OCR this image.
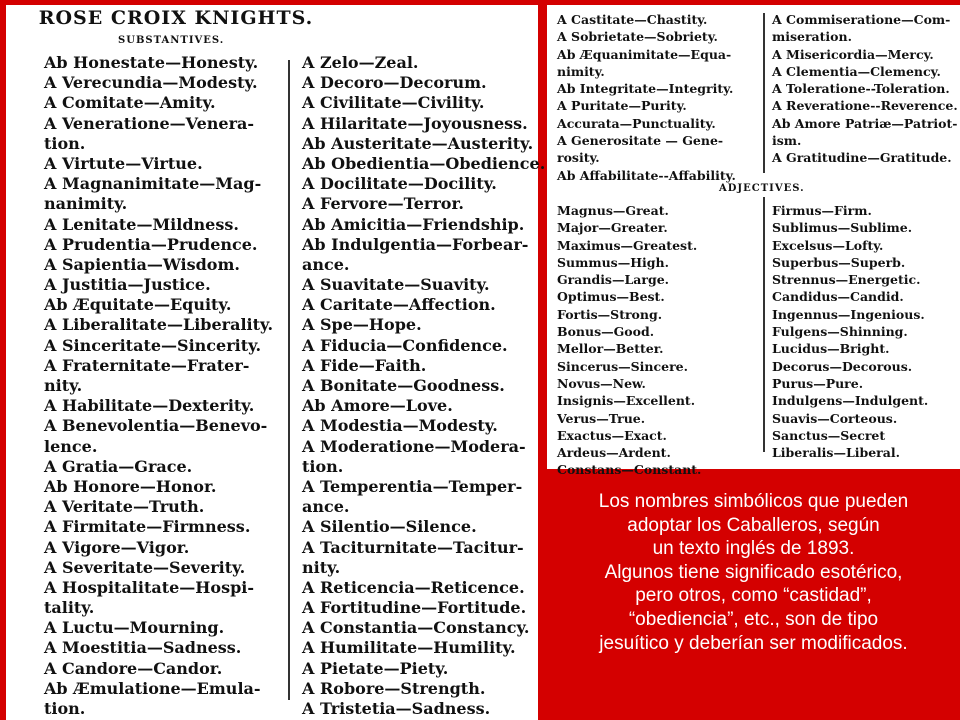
ROSE CROIX KNIGHTS.
SUBSTANTIVES.
Ab Honestate—Honesty.
A Verecundia—Modesty.
A Comitate—Amity.
A Veneratione—Venera-
tion.
A Virtute—Virtue.
A Magnanimitate—Mag-
nanimity.
A Lenitate—Mildness.
A Prudentia—Prudence.
A Sapientia—Wisdom.
A Justitia—Justice.
Ab Æquitate—Equity.
A Liberalitate—Liberality.
A Sinceritate—Sincerity.
A Fraternitate—Frater-
nity.
A Habilitate—Dexterity.
A Benevolentia—Benevo-
lence.
A Gratia—Grace.
Ab Honore—Honor.
A Veritate—Truth.
A Firmitate—Firmness.
A Vigore—Vigor.
A Severitate—Severity.
A Hospitalitate—Hospi-
tality.
A Luctu—Mourning.
A Moestitia—Sadness.
A Candore—Candor.
Ab Æmulatione—Emula-
tion.
A Zelo—Zeal.
A Decoro—Decorum.
A Civilitate—Civility.
A Hilaritate—Joyousness.
Ab Austeritate—Austerity.
Ab Obedientia—Obedience.
A Docilitate—Docility.
A Fervore—Terror.
Ab Amicitia—Friendship.
Ab Indulgentia—Forbear-
ance.
A Suavitate—Suavity.
A Caritate—Affection.
A Spe—Hope.
A Fiducia—Confidence.
A Fide—Faith.
A Bonitate—Goodness.
Ab Amore—Love.
A Modestia—Modesty.
A Moderatione—Modera-
tion.
A Temperentia—Temper-
ance.
A Silentio—Silence.
A Taciturnitate—Tacitur-
nity.
A Reticencia—Reticence.
A Fortitudine—Fortitude.
A Constantia—Constancy.
A Humilitate—Humility.
A Pietate—Piety.
A Robore—Strength.
A Tristetia—Sadness.
A Castitate—Chastity.
A Sobrietate—Sobriety.
Ab Æquanimitate—Equa-
nimity.
Ab Integritate—Integrity.
A Puritate—Purity.
Accurata—Punctuality.
A Generositate — Gene-
rosity.
Ab Affabilitate--Affability.
A Commiseratione—Com-
miseration.
A Misericordia—Mercy.
A Clementia—Clemency.
A Toleratione--Toleration.
A Reveratione--Reverence.
Ab Amore Patriæ—Patriot-
ism.
A Gratitudine—Gratitude.
ADJECTIVES.
Magnus—Great.
Major—Greater.
Maximus—Greatest.
Summus—High.
Grandis—Large.
Optimus—Best.
Fortis—Strong.
Bonus—Good.
Mellor—Better.
Sincerus—Sincere.
Novus—New.
Insignis—Excellent.
Verus—True.
Exactus—Exact.
Ardeus—Ardent.
Constans—Constant.
Firmus—Firm.
Sublimus—Sublime.
Excelsus—Lofty.
Superbus—Superb.
Strennus—Energetic.
Candidus—Candid.
Ingennus—Ingenious.
Fulgens—Shinning.
Lucidus—Bright.
Decorus—Decorous.
Purus—Pure.
Indulgens—Indulgent.
Suavis—Corteous.
Sanctus—Secret
Liberalis—Liberal.
Los nombres simbólicos que pueden
adoptar los Caballeros, según
un texto inglés de 1893.
Algunos tiene significado esotérico,
pero otros, como “castidad”,
“obediencia”, etc., son de tipo
jesuítico y deberían ser modificados.
